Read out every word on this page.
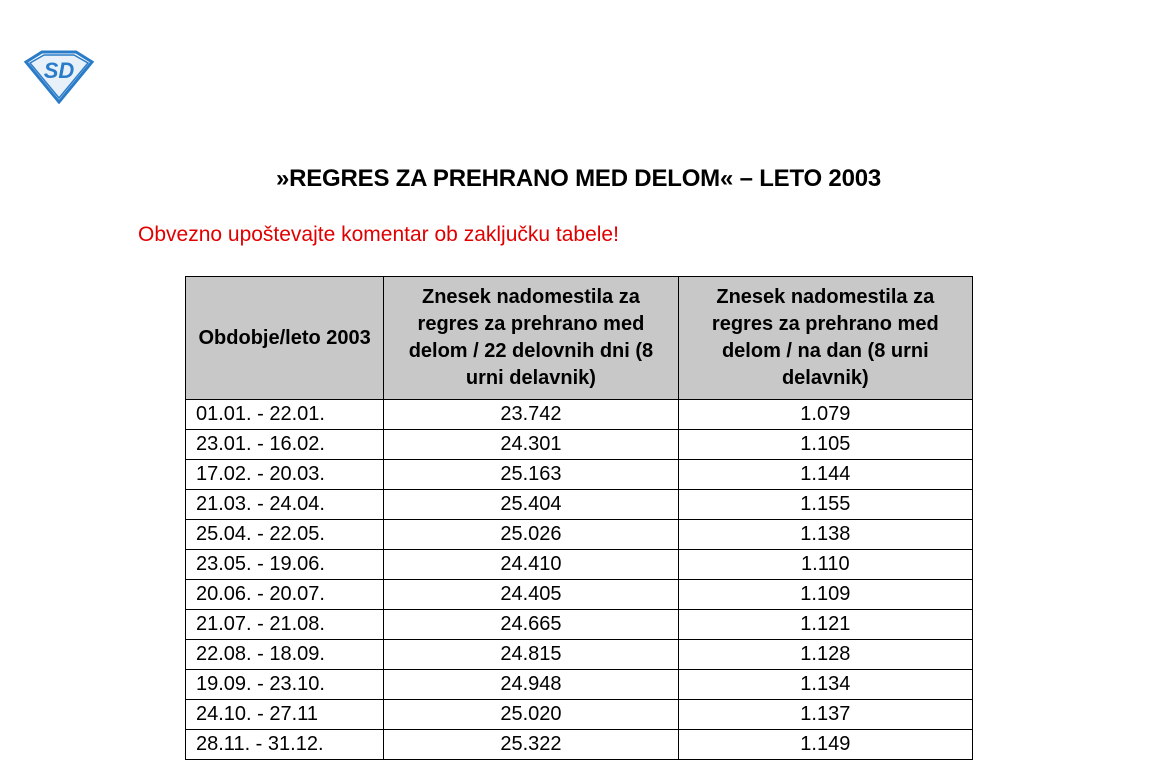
SD
»REGRES ZA PREHRANO MED DELOM« – LETO 2003
Obvezno upoštevajte komentar ob zaključku tabele!
Obdobje/leto 2003	Znesek nadomestila za regres za prehrano med delom / 22 delovnih dni (8 urni delavnik)	Znesek nadomestila za regres za prehrano med delom / na dan (8 urni delavnik)
01.01. - 22.01.	23.742	1.079
23.01. - 16.02.	24.301	1.105
17.02. - 20.03.	25.163	1.144
21.03. - 24.04.	25.404	1.155
25.04. - 22.05.	25.026	1.138
23.05. - 19.06.	24.410	1.110
20.06. - 20.07.	24.405	1.109
21.07. - 21.08.	24.665	1.121
22.08. - 18.09.	24.815	1.128
19.09. - 23.10.	24.948	1.134
24.10. - 27.11	25.020	1.137
28.11. - 31.12.	25.322	1.149
